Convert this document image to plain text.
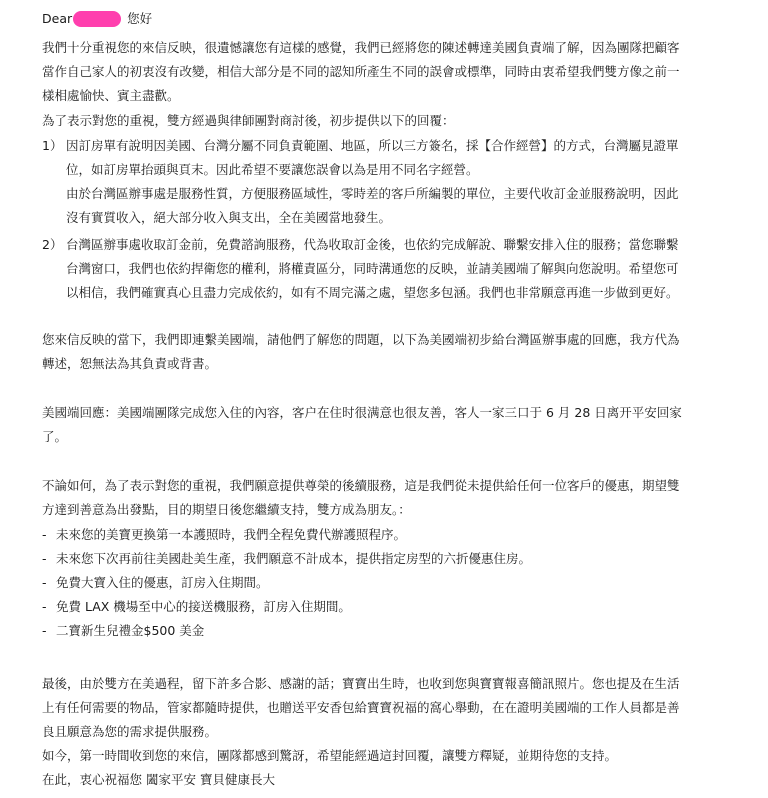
Dear	您好
我們十分重視您的來信反映，很遺憾讓您有這樣的感覺，我們已經將您的陳述轉達美國負責端了解，因為團隊把顧客
當作自己家人的初衷沒有改變，相信大部分是不同的認知所產生不同的誤會或標準，同時由衷希望我們雙方像之前一
樣相處愉快、賓主盡歡。
為了表示對您的重視，雙方經過與律師團對商討後，初步提供以下的回覆：
1） 因訂房單有說明因美國、台灣分屬不同負責範圍、地區，所以三方簽名，採【合作經營】的方式，台灣屬見證單
位，如訂房單抬頭與頁末。因此希望不要讓您誤會以為是用不同名字經營。
由於台灣區辦事處是服務性質，方便服務區域性，零時差的客戶所編製的單位，主要代收訂金並服務說明，因此
沒有實質收入，絕大部分收入與支出，全在美國當地發生。
2） 台灣區辦事處收取訂金前，免費諮詢服務，代為收取訂金後，也依約完成解說、聯繫安排入住的服務；當您聯繫
台灣窗口，我們也依約捍衛您的權利，將權責區分，同時溝通您的反映，並請美國端了解與向您說明。希望您可
以相信，我們確實真心且盡力完成依約，如有不周完滿之處，望您多包涵。我們也非常願意再進一步做到更好。
您來信反映的當下，我們即連繫美國端，請他們了解您的問題，以下為美國端初步給台灣區辦事處的回應，我方代為
轉述，恕無法為其負責或背書。
美國端回應：美國端團隊完成您入住的內容，客户在住时很满意也很友善，客人一家三口于 6 月 28 日离开平安回家
了。
不論如何，為了表示對您的重視，我們願意提供尊榮的後續服務，這是我們從未提供給任何一位客戶的優惠，期望雙
方達到善意為出發點，目的期望日後您繼續支持，雙方成為朋友。：
- 未來您的美寶更換第一本護照時，我們全程免費代辦護照程序。
- 未來您下次再前往美國赴美生產，我們願意不計成本，提供指定房型的六折優惠住房。
- 免費大寶入住的優惠，訂房入住期間。
- 免費 LAX 機場至中心的接送機服務，訂房入住期間。
- 二寶新生兒禮金$500 美金
最後，由於雙方在美過程，留下許多合影、感謝的話；寶寶出生時，也收到您與寶寶報喜簡訊照片。您也提及在生活
上有任何需要的物品，管家都隨時提供，也贈送平安香包給寶寶祝福的窩心舉動，在在證明美國端的工作人員都是善
良且願意為您的需求提供服務。
如今，第一時間收到您的來信，團隊都感到驚訝，希望能經過這封回覆，讓雙方釋疑，並期待您的支持。
在此，衷心祝福您 闔家平安 寶貝健康長大
